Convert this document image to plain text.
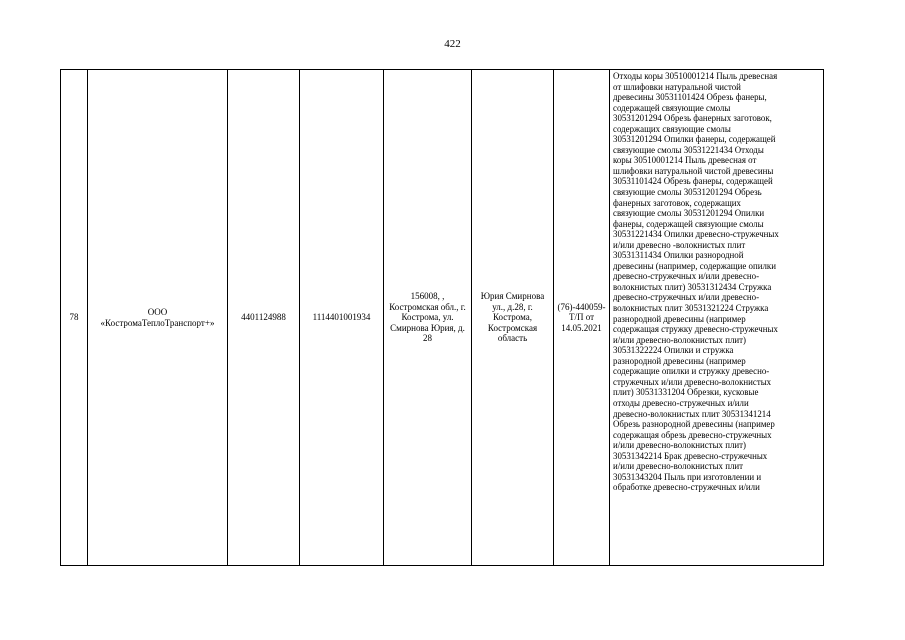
422
78	ООО «КостромаТеплоТранспорт+»	4401124988	1114401001934	156008, , Костромская обл., г. Кострома, ул. Смирнова Юрия, д. 28	Юрия Смирнова ул., д.28, г. Кострома, Костромская область	(76)-440059-Т/П от 14.05.2021	Отходы коры 30510001214 Пыль древесная
от шлифовки натуральной чистой
древесины 30531101424 Обрезь фанеры,
содержащей связующие смолы
30531201294 Обрезь фанерных заготовок,
содержащих связующие смолы
30531201294 Опилки фанеры, содержащей
связующие смолы 30531221434 Отходы
коры 30510001214 Пыль древесная от
шлифовки натуральной чистой древесины
30531101424 Обрезь фанеры, содержащей
связующие смолы 30531201294 Обрезь
фанерных заготовок, содержащих
связующие смолы 30531201294 Опилки
фанеры, содержащей связующие смолы
30531221434 Опилки древесно-стружечных
и/или древесно -волокнистых плит
30531311434 Опилки разнородной
древесины (например, содержащие опилки
древесно-стружечных и/или древесно-
волокнистых плит) 30531312434 Стружка
древесно-стружечных и/или древесно-
волокнистых плит 30531321224 Стружка
разнородной древесины (например
содержащая стружку древесно-стружечных
и/или древесно-волокнистых плит)
30531322224 Опилки и стружка
разнородной древесины (например
содержащие опилки и стружку древесно-
стружечных и/или древесно-волокнистых
плит) 30531331204 Обрезки, кусковые
отходы древесно-стружечных и/или
древесно-волокнистых плит 30531341214
Обрезь разнородной древесины (например
содержащая обрезь древесно-стружечных
и/или древесно-волокнистых плит)
30531342214 Брак древесно-стружечных
и/или древесно-волокнистых плит
30531343204 Пыль при изготовлении и
обработке древесно-стружечных и/или
